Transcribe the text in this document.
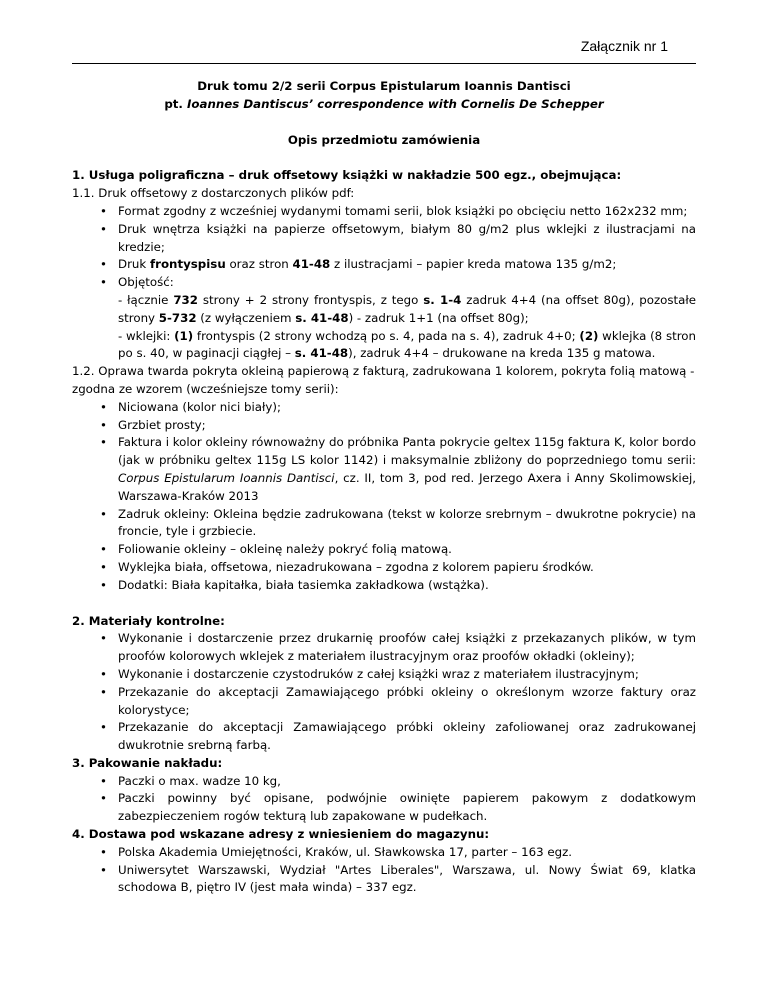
Załącznik nr 1
Druk tomu 2/2 serii Corpus Epistularum Ioannis Dantisci
pt. Ioannes Dantiscus’ correspondence with Cornelis De Schepper
Opis przedmiotu zamówienia
1. Usługa poligraficzna – druk offsetowy książki w nakładzie 500 egz., obejmująca:
1.1. Druk offsetowy z dostarczonych plików pdf:
• Format zgodny z wcześniej wydanymi tomami serii, blok książki po obcięciu netto 162x232 mm;
• Druk wnętrza książki na papierze offsetowym, białym 80 g/m2 plus wklejki z ilustracjami na kredzie;
• Druk frontyspisu oraz stron 41-48 z ilustracjami – papier kreda matowa 135 g/m2;
• Objętość:
- łącznie 732 strony + 2 strony frontyspis, z tego s. 1-4 zadruk 4+4 (na offset 80g), pozostałe strony 5-732 (z wyłączeniem s. 41-48) - zadruk 1+1 (na offset 80g);
- wklejki: (1) frontyspis (2 strony wchodzą po s. 4, pada na s. 4), zadruk 4+0; (2) wklejka (8 stron po s. 40, w paginacji ciągłej – s. 41-48), zadruk 4+4 – drukowane na kreda 135 g matowa.
1.2. Oprawa twarda pokryta okleiną papierową z fakturą, zadrukowana 1 kolorem, pokryta folią matową - zgodna ze wzorem (wcześniejsze tomy serii):
• Niciowana (kolor nici biały);
• Grzbiet prosty;
• Faktura i kolor okleiny równoważny do próbnika Panta pokrycie geltex 115g faktura K, kolor bordo (jak w próbniku geltex 115g LS kolor 1142) i maksymalnie zbliżony do poprzedniego tomu serii: Corpus Epistularum Ioannis Dantisci, cz. II, tom 3, pod red. Jerzego Axera i Anny Skolimowskiej, Warszawa-Kraków 2013
• Zadruk okleiny: Okleina będzie zadrukowana (tekst w kolorze srebrnym – dwukrotne pokrycie) na froncie, tyle i grzbiecie.
• Foliowanie okleiny – okleinę należy pokryć folią matową.
• Wyklejka biała, offsetowa, niezadrukowana – zgodna z kolorem papieru środków.
• Dodatki: Biała kapitałka, biała tasiemka zakładkowa (wstążka).
2. Materiały kontrolne:
• Wykonanie i dostarczenie przez drukarnię proofów całej książki z przekazanych plików, w tym proofów kolorowych wklejek z materiałem ilustracyjnym oraz proofów okładki (okleiny);
• Wykonanie i dostarczenie czystodruków z całej książki wraz z materiałem ilustracyjnym;
• Przekazanie do akceptacji Zamawiającego próbki okleiny o określonym wzorze faktury oraz kolorystyce;
• Przekazanie do akceptacji Zamawiającego próbki okleiny zafoliowanej oraz zadrukowanej dwukrotnie srebrną farbą.
3. Pakowanie nakładu:
• Paczki o max. wadze 10 kg,
• Paczki powinny być opisane, podwójnie owinięte papierem pakowym z dodatkowym zabezpieczeniem rogów tekturą lub zapakowane w pudełkach.
4. Dostawa pod wskazane adresy z wniesieniem do magazynu:
• Polska Akademia Umiejętności, Kraków, ul. Sławkowska 17, parter – 163 egz.
• Uniwersytet Warszawski, Wydział "Artes Liberales", Warszawa, ul. Nowy Świat 69, klatka schodowa B, piętro IV (jest mała winda) – 337 egz.
